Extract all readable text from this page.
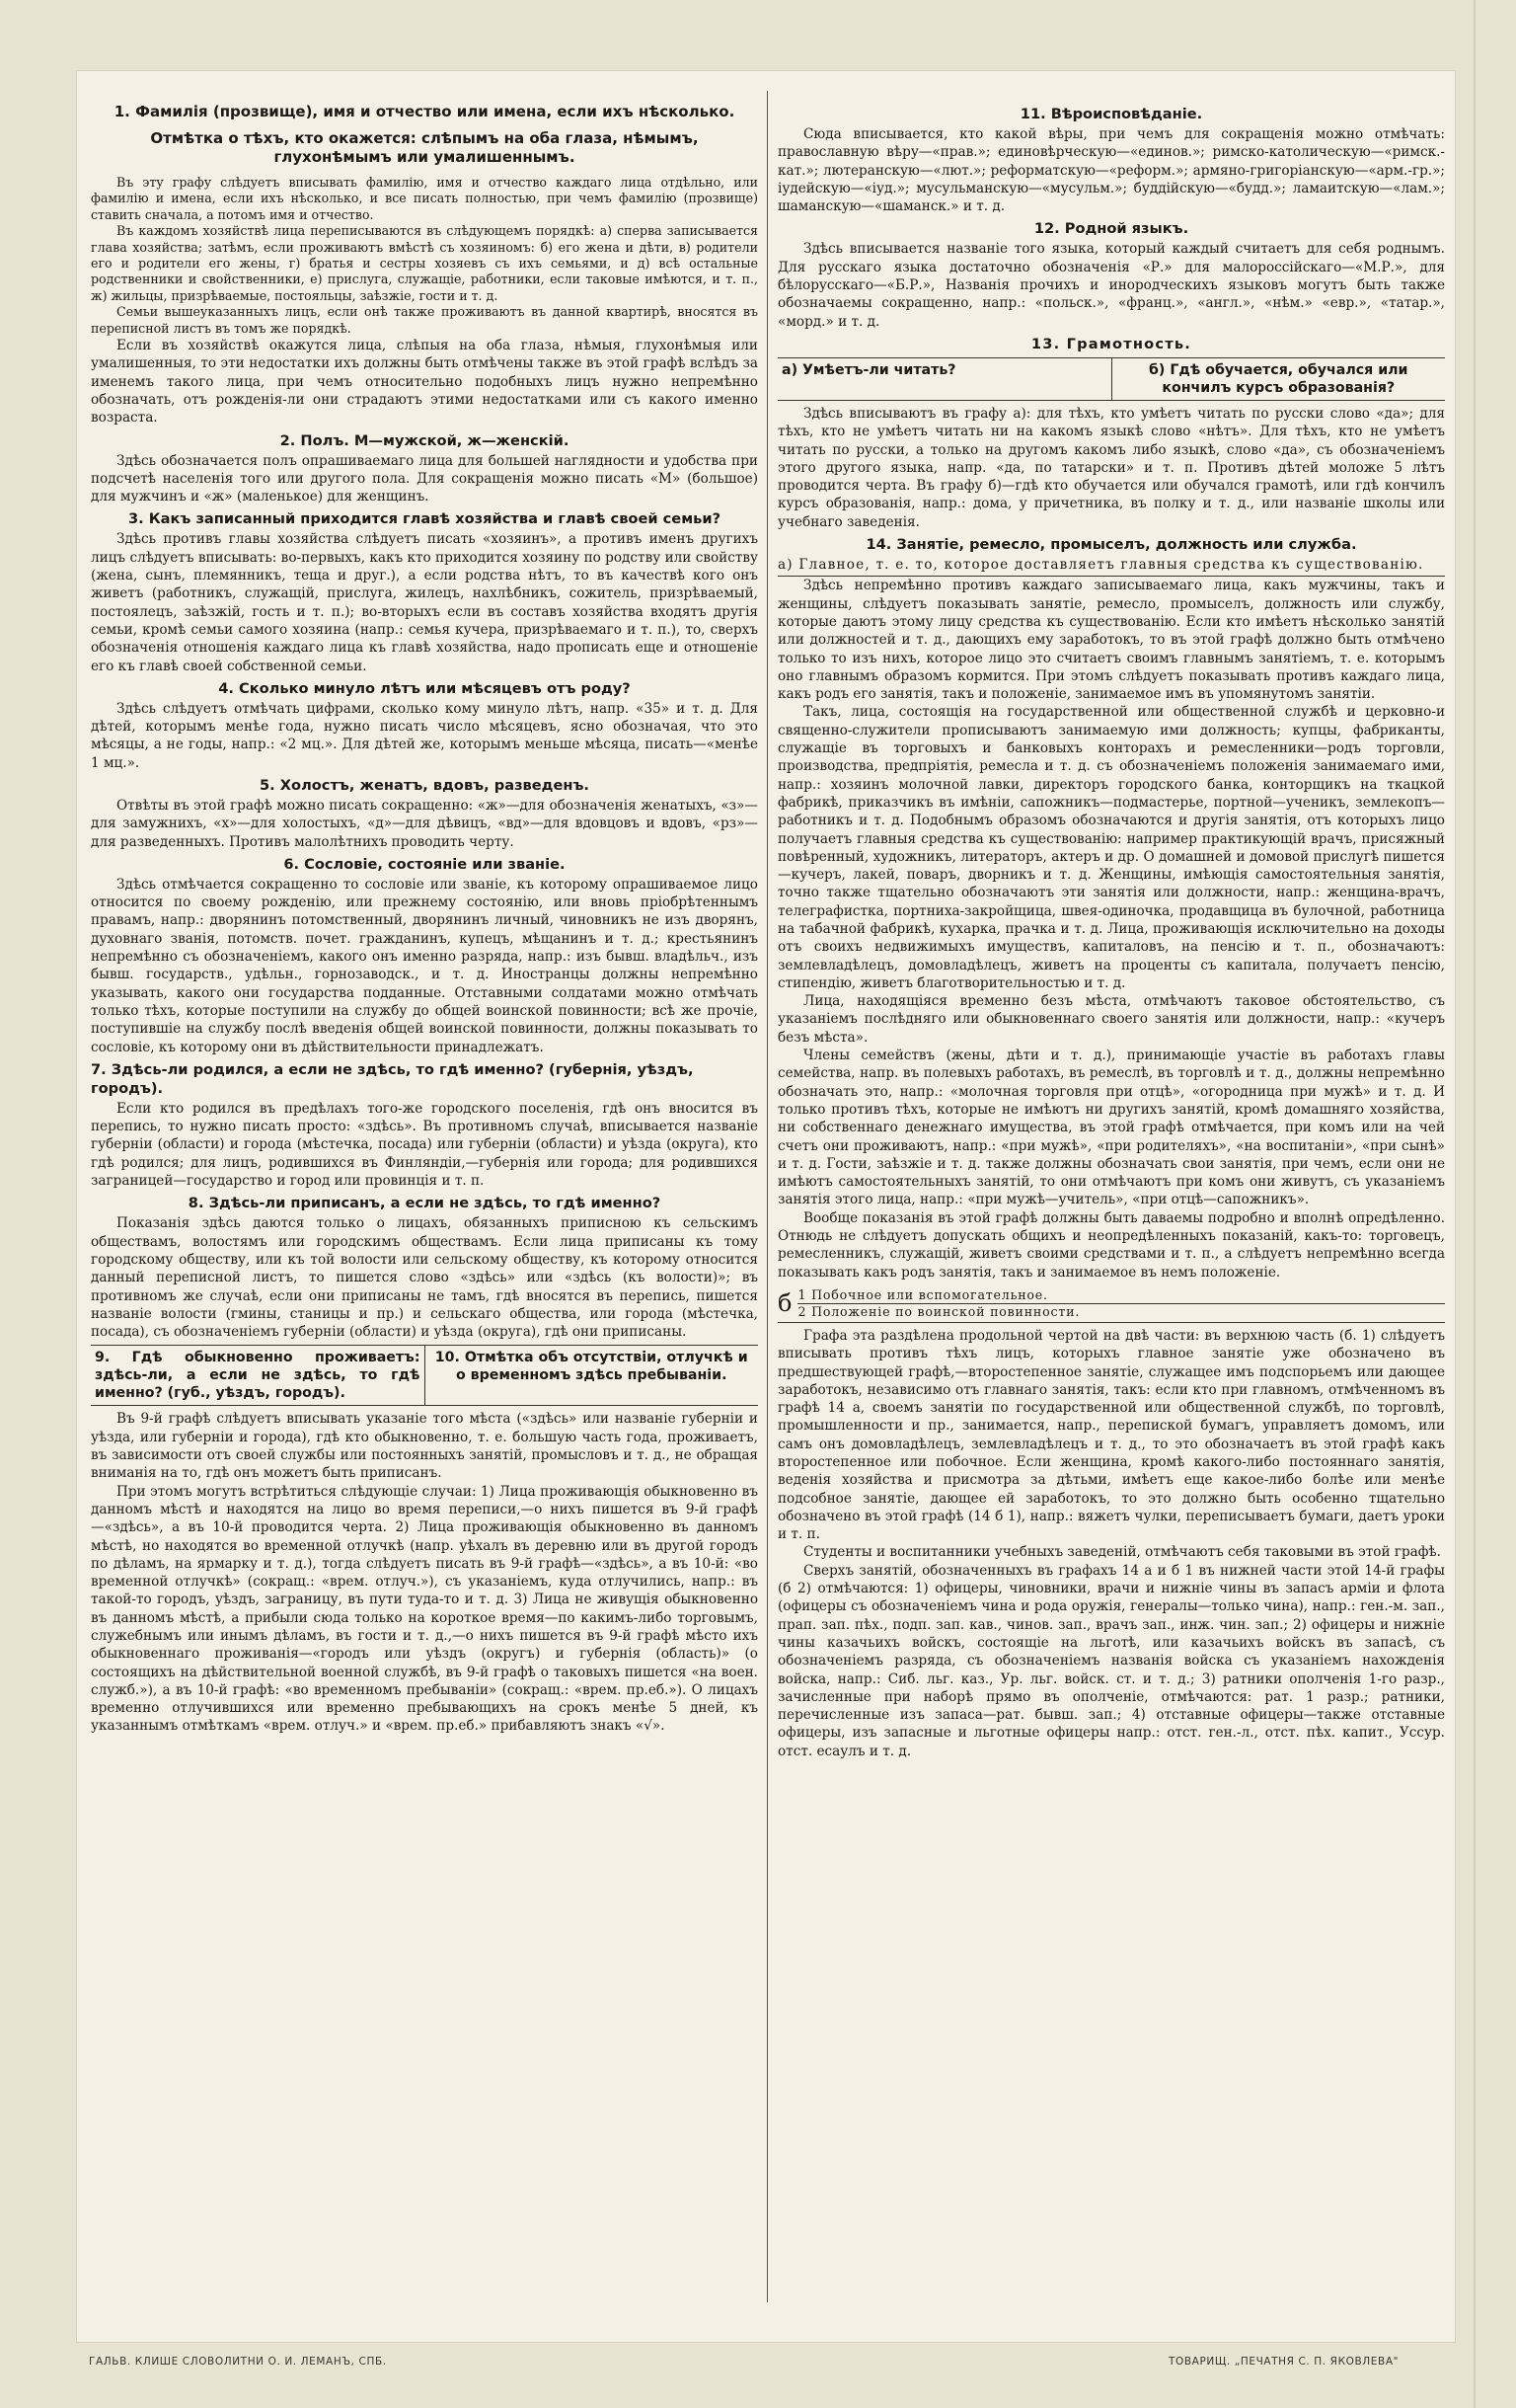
1. Фамилія (прозвище), имя и отчество или имена, если ихъ нѣсколько.
Отмѣтка о тѣхъ, кто окажется: слѣпымъ на оба глаза, нѣмымъ, глухонѣмымъ или умалишеннымъ.

Въ эту графу слѣдуетъ вписывать фамилію, имя и отчество каждаго лица отдѣльно, или фамилію и имена, если ихъ нѣсколько, и все писать полностью, при чемъ фамилію (прозвище) ставить сначала, а потомъ имя и отчество.

Въ каждомъ хозяйствѣ лица переписываются въ слѣдующемъ порядкѣ: а) сперва записывается глава хозяйства; затѣмъ, если проживаютъ вмѣстѣ съ хозяиномъ: б) его жена и дѣти, в) родители его и родители его жены, г) братья и сестры хозяевъ съ ихъ семьями, и д) всѣ остальные родственники и свойственники, е) прислуга, служащіе, работники, если таковые имѣются, и т. п., ж) жильцы, призрѣваемые, постояльцы, заѣзжіе, гости и т. д.

Семьи вышеуказанныхъ лицъ, если онѣ также проживаютъ въ данной квартирѣ, вносятся въ переписной листъ въ томъ же порядкѣ.

Если въ хозяйствѣ окажутся лица, слѣпыя на оба глаза, нѣмыя, глухонѣмыя или умалишенныя, то эти недостатки ихъ должны быть отмѣчены также въ этой графѣ вслѣдъ за именемъ такого лица, при чемъ относительно подобныхъ лицъ нужно непремѣнно обозначать, отъ рожденія-ли они страдаютъ этими недостатками или съ какого именно возраста.

2. Полъ. М—мужской, ж—женскій.

Здѣсь обозначается полъ опрашиваемаго лица для большей наглядности и удобства при подсчетѣ населенія того или другого пола. Для сокращенія можно писать «М» (большое) для мужчинъ и «ж» (маленькое) для женщинъ.

3. Какъ записанный приходится главѣ хозяйства и главѣ своей семьи?

Здѣсь противъ главы хозяйства слѣдуетъ писать «хозяинъ», а противъ именъ другихъ лицъ слѣдуетъ вписывать: во-первыхъ, какъ кто приходится хозяину по родству или свойству (жена, сынъ, племянникъ, теща и друг.), а если родства нѣтъ, то въ качествѣ кого онъ живетъ (работникъ, служащій, прислуга, жилецъ, нахлѣбникъ, сожитель, призрѣваемый, постоялецъ, заѣзжій, гость и т. п.); во-вторыхъ если въ составъ хозяйства входятъ другія семьи, кромѣ семьи самого хозяина (напр.: семья кучера, призрѣваемаго и т. п.), то, сверхъ обозначенія отношенія каждаго лица къ главѣ хозяйства, надо прописать еще и отношеніе его къ главѣ своей собственной семьи.

4. Сколько минуло лѣтъ или мѣсяцевъ отъ роду?

Здѣсь слѣдуетъ отмѣчать цифрами, сколько кому минуло лѣтъ, напр. «35» и т. д. Для дѣтей, которымъ менѣе года, нужно писать число мѣсяцевъ, ясно обозначая, что это мѣсяцы, а не годы, напр.: «2 мц.». Для дѣтей же, которымъ меньше мѣсяца, писать—«менѣе 1 мц.».

5. Холостъ, женатъ, вдовъ, разведенъ.

Отвѣты въ этой графѣ можно писать сокращенно: «ж»—для обозначенія женатыхъ, «з»—для замужнихъ, «х»—для холостыхъ, «д»—для дѣвицъ, «вд»—для вдовцовъ и вдовъ, «рз»—для разведенныхъ. Противъ малолѣтнихъ проводить черту.

6. Сословіе, состояніе или званіе.

Здѣсь отмѣчается сокращенно то сословіе или званіе, къ которому опрашиваемое лицо относится по своему рожденію, или прежнему состоянію, или вновь пріобрѣтеннымъ правамъ, напр.: дворянинъ потомственный, дворянинъ личный, чиновникъ не изъ дворянъ, духовнаго званія, потомств. почет. гражданинъ, купецъ, мѣщанинъ и т. д.; крестьянинъ непремѣнно съ обозначеніемъ, какого онъ именно разряда, напр.: изъ бывш. владѣльч., изъ бывш. государств., удѣльн., горнозаводск., и т. д. Иностранцы должны непремѣнно указывать, какого они государства подданные. Отставными солдатами можно отмѣчать только тѣхъ, которые поступили на службу до общей воинской повинности; всѣ же прочіе, поступившіе на службу послѣ введенія общей воинской повинности, должны показывать то сословіе, къ которому они въ дѣйствительности принадлежатъ.

7. Здѣсь-ли родился, а если не здѣсь, то гдѣ именно? (губернія, уѣздъ, городъ).

Если кто родился въ предѣлахъ того-же городского поселенія, гдѣ онъ вносится въ перепись, то нужно писать просто: «здѣсь». Въ противномъ случаѣ, вписывается названіе губерніи (области) и города (мѣстечка, посада) или губерніи (области) и уѣзда (округа), кто гдѣ родился; для лицъ, родившихся въ Финляндіи,—губернія или города; для родившихся заграницей—государство и город или провинція и т. п.

8. Здѣсь-ли приписанъ, а если не здѣсь, то гдѣ именно?

Показанія здѣсь даются только о лицахъ, обязанныхъ приписною къ сельскимъ обществамъ, волостямъ или городскимъ обществамъ. Если лица приписаны къ тому городскому обществу, или къ той волости или сельскому обществу, къ которому относится данный переписной листъ, то пишется слово «здѣсь» или «здѣсь (къ волости)»; въ противномъ же случаѣ, если они приписаны не тамъ, гдѣ вносятся въ перепись, пишется названіе волости (гмины, станицы и пр.) и сельскаго общества, или города (мѣстечка, посада), съ обозначеніемъ губерніи (области) и уѣзда (округа), гдѣ они приписаны.

9. Гдѣ обыкновенно проживаетъ: здѣсь-ли, а если не здѣсь, то гдѣ именно? (губ., уѣздъ, городъ).
10. Отмѣтка объ отсутствіи, отлучкѣ и о временномъ здѣсь пребываніи.

Въ 9-й графѣ слѣдуетъ вписывать указаніе того мѣста («здѣсь» или названіе губерніи и уѣзда, или губерніи и города), гдѣ кто обыкновенно, т. е. большую часть года, проживаетъ, въ зависимости отъ своей службы или постоянныхъ занятій, промысловъ и т. д., не обращая вниманія на то, гдѣ онъ можетъ быть приписанъ.

При этомъ могутъ встрѣтиться слѣдующіе случаи: 1) Лица проживающія обыкновенно въ данномъ мѣстѣ и находятся на лицо во время переписи,—о нихъ пишется въ 9-й графѣ—«здѣсь», а въ 10-й проводится черта. 2) Лица проживающія обыкновенно въ данномъ мѣстѣ, но находятся во временной отлучкѣ (напр. уѣхалъ въ деревню или въ другой городъ по дѣламъ, на ярмарку и т. д.), тогда слѣдуетъ писать въ 9-й графѣ—«здѣсь», а въ 10-й: «во временной отлучкѣ» (сокращ.: «врем. отлуч.»), съ указаніемъ, куда отлучились, напр.: въ такой-то городъ, уѣздъ, заграницу, въ пути туда-то и т. д. 3) Лица не живущія обыкновенно въ данномъ мѣстѣ, а прибыли сюда только на короткое время—по какимъ-либо торговымъ, служебнымъ или инымъ дѣламъ, въ гости и т. д.,—о нихъ пишется въ 9-й графѣ мѣсто ихъ обыкновеннаго проживанія—«городъ или уѣздъ (округъ) и губернія (область)» (о состоящихъ на дѣйствительной военной службѣ, въ 9-й графѣ о таковыхъ пишется «на воен. служб.»), а въ 10-й графѣ: «во временномъ пребываніи» (сокращ.: «врем. пр.еб.»). О лицахъ временно отлучившихся или временно пребывающихъ на срокъ менѣе 5 дней, къ указаннымъ отмѣткамъ «врем. отлуч.» и «врем. пр.еб.» прибавляютъ знакъ «√».

11. Вѣроисповѣданіе.

Сюда вписывается, кто какой вѣры, при чемъ для сокращенія можно отмѣчать: православную вѣру—«прав.»; единовѣрческую—«единов.»; римско-католическую—«римск.-кат.»; лютеранскую—«лют.»; реформатскую—«реформ.»; армяно-григоріанскую—«арм.-гр.»; іудейскую—«іуд.»; мусульманскую—«мусульм.»; буддійскую—«будд.»; ламаитскую—«лам.»; шаманскую—«шаманск.» и т. д.

12. Родной языкъ.

Здѣсь вписывается названіе того языка, который каждый считаетъ для себя роднымъ. Для русскаго языка достаточно обозначенія «Р.» для малороссійскаго—«М.Р.», для бѣлорусскаго—«Б.Р.», Названія прочихъ и инородческихъ языковъ могутъ быть также обозначаемы сокращенно, напр.: «польск.», «франц.», «англ.», «нѣм.» «евр.», «татар.», «морд.» и т. д.

13. Грамотность.
а) Умѣетъ-ли читать?	б) Гдѣ обучается, обучался или кончилъ курсъ образованія?

Здѣсь вписываютъ въ графу а): для тѣхъ, кто умѣетъ читать по русски слово «да»; для тѣхъ, кто не умѣетъ читать ни на какомъ языкѣ слово «нѣтъ». Для тѣхъ, кто не умѣетъ читать по русски, а только на другомъ какомъ либо языкѣ, слово «да», съ обозначеніемъ этого другого языка, напр. «да, по татарски» и т. п. Противъ дѣтей моложе 5 лѣтъ проводится черта. Въ графу б)—гдѣ кто обучается или обучался грамотѣ, или гдѣ кончилъ курсъ образованія, напр.: дома, у причетника, въ полку и т. д., или названіе школы или учебнаго заведенія.

14. Занятіе, ремесло, промыселъ, должность или служба.

а) Главное, т. е. то, которое доставляетъ главныя средства къ существованію.

Здѣсь непремѣнно противъ каждаго записываемаго лица, какъ мужчины, такъ и женщины, слѣдуетъ показывать занятіе, ремесло, промыселъ, должность или службу, которые даютъ этому лицу средства къ существованію. Если кто имѣетъ нѣсколько занятій или должностей и т. д., дающихъ ему заработокъ, то въ этой графѣ должно быть отмѣчено только то изъ нихъ, которое лицо это считаетъ своимъ главнымъ занятіемъ, т. е. которымъ оно главнымъ образомъ кормится. При этомъ слѣдуетъ показывать противъ каждаго лица, какъ родъ его занятія, такъ и положеніе, занимаемое имъ въ упомянутомъ занятіи.

Такъ, лица, состоящія на государственной или общественной службѣ и церковно-и священно-служители прописываютъ занимаемую ими должность; купцы, фабриканты, служащіе въ торговыхъ и банковыхъ конторахъ и ремесленники—родъ торговли, производства, предпріятія, ремесла и т. д. съ обозначеніемъ положенія занимаемаго ими, напр.: хозяинъ молочной лавки, директоръ городского банка, конторщикъ на ткацкой фабрикѣ, приказчикъ въ имѣніи, сапожникъ—подмастерье, портной—ученикъ, землекопъ—работникъ и т. д. Подобнымъ образомъ обозначаются и другія занятія, отъ которыхъ лицо получаетъ главныя средства къ существованію: например практикующій врачъ, присяжный повѣренный, художникъ, литераторъ, актеръ и др. О домашней и домовой прислугѣ пишется—кучеръ, лакей, поваръ, дворникъ и т. д. Женщины, имѣющія самостоятельныя занятія, точно также тщательно обозначаютъ эти занятія или должности, напр.: женщина-врачъ, телеграфистка, портниха-закройщица, швея-одиночка, продавщица въ булочной, работница на табачной фабрикѣ, кухарка, прачка и т. д. Лица, проживающія исключительно на доходы отъ своихъ недвижимыхъ имуществъ, капиталовъ, на пенсію и т. п., обозначаютъ: землевладѣлецъ, домовладѣлецъ, живетъ на проценты съ капитала, получаетъ пенсію, стипендію, живетъ благотворительностью и т. д.

Лица, находящіяся временно безъ мѣста, отмѣчаютъ таковое обстоятельство, съ указаніемъ послѣдняго или обыкновеннаго своего занятія или должности, напр.: «кучеръ безъ мѣста».

Члены семействъ (жены, дѣти и т. д.), принимающіе участіе въ работахъ главы семейства, напр. въ полевыхъ работахъ, въ ремеслѣ, въ торговлѣ и т. д., должны непремѣнно обозначать это, напр.: «молочная торговля при отцѣ», «огородница при мужѣ» и т. д. И только противъ тѣхъ, которые не имѣютъ ни другихъ занятій, кромѣ домашняго хозяйства, ни собственнаго денежнаго имущества, въ этой графѣ отмѣчается, при комъ или на чей счетъ они проживаютъ, напр.: «при мужѣ», «при родителяхъ», «на воспитаніи», «при сынѣ» и т. д. Гости, заѣзжіе и т. д. также должны обозначать свои занятія, при чемъ, если они не имѣютъ самостоятельныхъ занятій, то они отмѣчаютъ при комъ они живутъ, съ указаніемъ занятія этого лица, напр.: «при мужѣ—учитель», «при отцѣ—сапожникъ».

Вообще показанія въ этой графѣ должны быть даваемы подробно и вполнѣ опредѣленно. Отнюдь не слѣдуетъ допускать общихъ и неопредѣленныхъ показаній, какъ-то: торговецъ, ремесленникъ, служащій, живетъ своими средствами и т. п., а слѣдуетъ непремѣнно всегда показывать какъ родъ занятія, такъ и занимаемое въ немъ положеніе.

б 1 Побочное или вспомогательное.
2 Положеніе по воинской повинности.

Графа эта раздѣлена продольной чертой на двѣ части: въ верхнюю часть (б. 1) слѣдуетъ вписывать противъ тѣхъ лицъ, которыхъ главное занятіе уже обозначено въ предшествующей графѣ,—второстепенное занятіе, служащее имъ подспорьемъ или дающее заработокъ, независимо отъ главнаго занятія, такъ: если кто при главномъ, отмѣченномъ въ графѣ 14 а, своемъ занятіи по государственной или общественной службѣ, по торговлѣ, промышленности и пр., занимается, напр., перепиской бумагъ, управляетъ домомъ, или самъ онъ домовладѣлецъ, землевладѣлецъ и т. д., то это обозначаетъ въ этой графѣ какъ второстепенное или побочное. Если женщина, кромѣ какого-либо постояннаго занятія, веденія хозяйства и присмотра за дѣтьми, имѣетъ еще какое-либо болѣе или менѣе подсобное занятіе, дающее ей заработокъ, то это должно быть особенно тщательно обозначено въ этой графѣ (14 б 1), напр.: вяжетъ чулки, переписываетъ бумаги, даетъ уроки и т. п.

Студенты и воспитанники учебныхъ заведеній, отмѣчаютъ себя таковыми въ этой графѣ.

Сверхъ занятій, обозначенныхъ въ графахъ 14 а и б 1 въ нижней части этой 14-й графы (б 2) отмѣчаются: 1) офицеры, чиновники, врачи и нижніе чины въ запасъ арміи и флота (офицеры съ обозначеніемъ чина и рода оружія, генералы—только чина), напр.: ген.-м. зап., прап. зап. пѣх., подп. зап. кав., чинов. зап., врачъ зап., инж. чин. зап.; 2) офицеры и нижніе чины казачьихъ войскъ, состоящіе на льготѣ, или казачьихъ войскъ въ запасѣ, съ обозначеніемъ разряда, съ обозначеніемъ названія войска съ указаніемъ нахожденія войска, напр.: Сиб. льг. каз., Ур. льг. войск. ст. и т. д.; 3) ратники ополченія 1-го разр., зачисленные при наборѣ прямо въ ополченіе, отмѣчаются: рат. 1 разр.; ратники, перечисленные изъ запаса—рат. бывш. зап.; 4) отставные офицеры—также отставные офицеры, изъ запасные и льготные офицеры напр.: отст. ген.-л., отст. пѣх. капит., Уссур. отст. есаулъ и т. д.

ГАЛЬВ. КЛИШЕ СЛОВОЛИТНИ О. И. ЛЕМАНЪ, СПБ.	ТОВАРИЩ. „ПЕЧАТНЯ С. П. ЯКОВЛЕВА"
